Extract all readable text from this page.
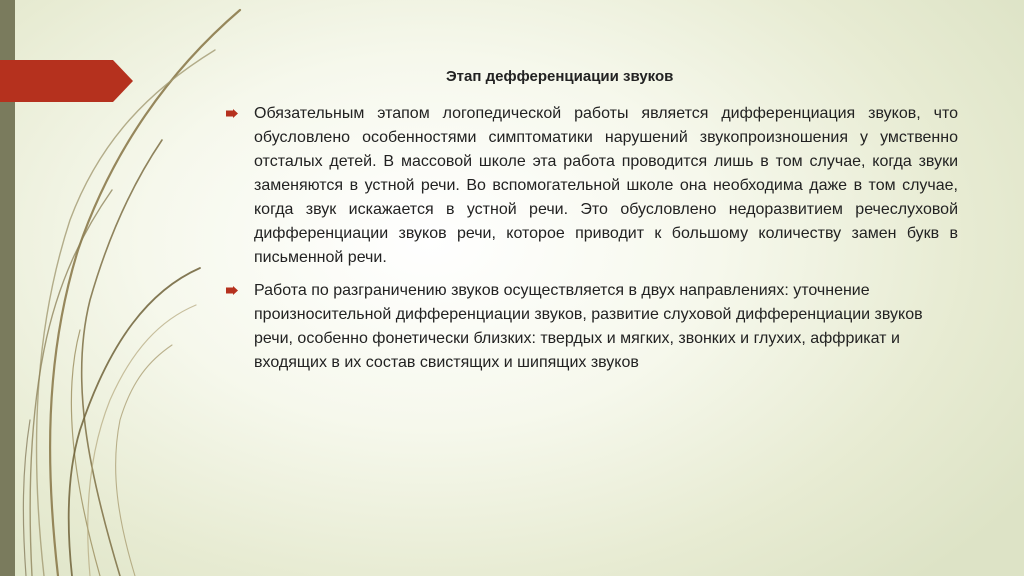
Этап дефференциации звуков
Обязательным этапом логопедической работы является дифференциация звуков, что обусловлено особенностями симптоматики нарушений звукопроизношения у умственно отсталых детей. В массовой школе эта работа проводится лишь в том случае, когда звуки заменяются в устной речи. Во вспомогательной школе она необходима даже в том случае, когда звук искажается в устной речи. Это обусловлено недоразвитием речеслуховой дифференциации звуков речи, которое приводит к большому количеству замен букв в письменной речи.
Работа по разграничению звуков осуществляется в двух направлениях: уточнение произносительной дифференциации звуков, развитие слуховой дифференциации звуков речи, особенно фонетически близких: твердых и мягких, звонких и глухих, аффрикат и входящих в их состав свистящих и шипящих звуков
